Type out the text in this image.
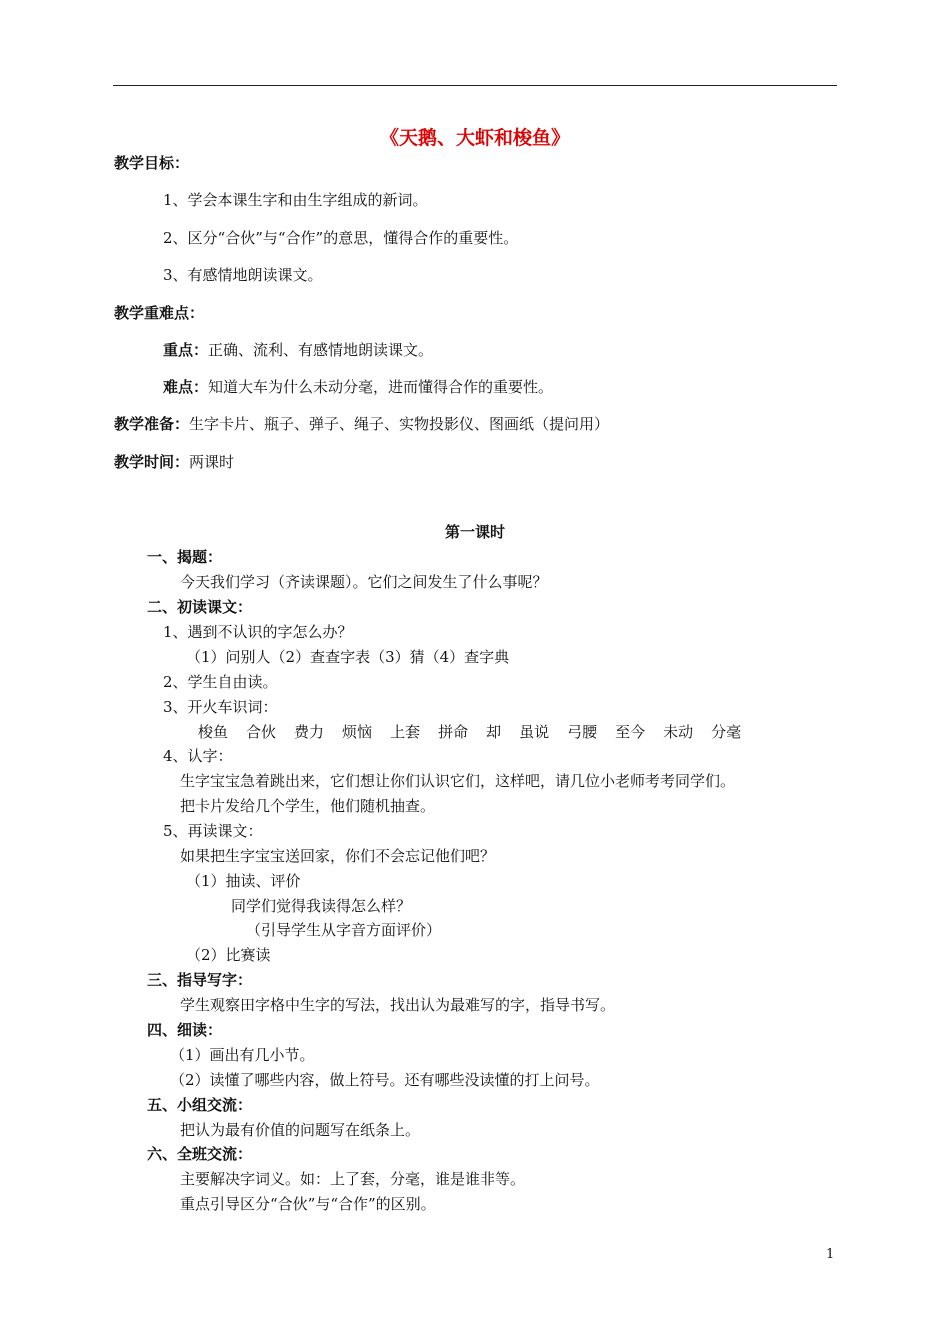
《天鹅、大虾和梭鱼》
教学目标：
1、学会本课生字和由生字组成的新词。
2、区分“合伙”与“合作”的意思，懂得合作的重要性。
3、有感情地朗读课文。
教学重难点：
重点：正确、流利、有感情地朗读课文。
难点：知道大车为什么未动分毫，进而懂得合作的重要性。
教学准备：生字卡片、瓶子、弹子、绳子、实物投影仪、图画纸（提问用）
教学时间：两课时
第一课时
一、揭题：
今天我们学习（齐读课题）。它们之间发生了什么事呢？
二、初读课文：
1、遇到不认识的字怎么办？
（1）问别人（2）查查字表（3）猜（4）查字典
2、学生自由读。
3、开火车识词：
梭鱼 合伙 费力 烦恼 上套 拼命 却 虽说 弓腰 至今 未动 分毫
4、认字：
生字宝宝急着跳出来，它们想让你们认识它们，这样吧，请几位小老师考考同学们。
把卡片发给几个学生，他们随机抽查。
5、再读课文：
如果把生字宝宝送回家，你们不会忘记他们吧？
（1）抽读、评价
同学们觉得我读得怎么样？
（引导学生从字音方面评价）
（2）比赛读
三、指导写字：
学生观察田字格中生字的写法，找出认为最难写的字，指导书写。
四、细读：
（1）画出有几小节。
（2）读懂了哪些内容，做上符号。还有哪些没读懂的打上问号。
五、小组交流：
把认为最有价值的问题写在纸条上。
六、全班交流：
主要解决字词义。如：上了套，分毫，谁是谁非等。
重点引导区分“合伙”与“合作”的区别。
1
